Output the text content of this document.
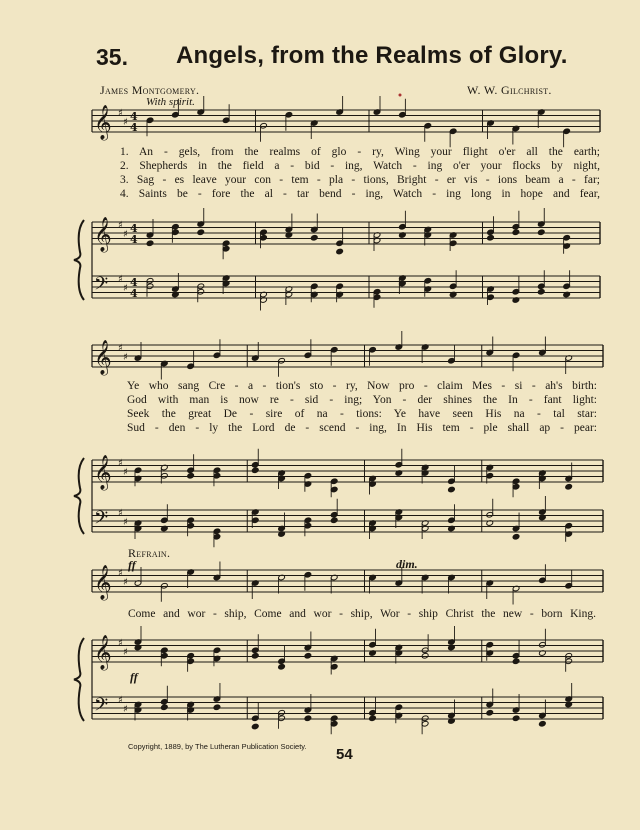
35. Angels, from the Realms of Glory.
James Montgomery.	W. W. Gilchrist.
With spirit.
𝄞 ♯
♯ 4
4
𝄞 ♯
♯ 4
4
𝄢 ♯
♯ 4
4
𝄞 ♯
♯
𝄞 ♯
♯
𝄢 ♯
♯
𝄞 ♯
♯
𝄞 ♯
♯
𝄢 ♯
♯
1. An - gels, from the realms of glo - ry, Wing your flight o'er all the earth;
2. Shepherds in the field a - bid - ing, Watch - ing o'er your flocks by night,
3. Sag - es leave your con - tem - pla - tions, Bright - er vis - ions beam a - far;
4. Saints be - fore the al - tar bend - ing, Watch - ing long in hope and fear,
Ye who sang Cre - a - tion's sto - ry, Now pro - claim Mes - si - ah's birth:
God with man is now re - sid - ing; Yon - der shines the In - fant light:
Seek the great De - sire of na - tions: Ye have seen His na - tal star:
Sud - den - ly the Lord de - scend - ing, In His tem - ple shall ap - pear:
Refrain.
ff	dim.
Come and wor - ship, Come and wor - ship, Wor - ship Christ the new - born King.
ff
Copyright, 1889, by The Lutheran Publication Society. 54
